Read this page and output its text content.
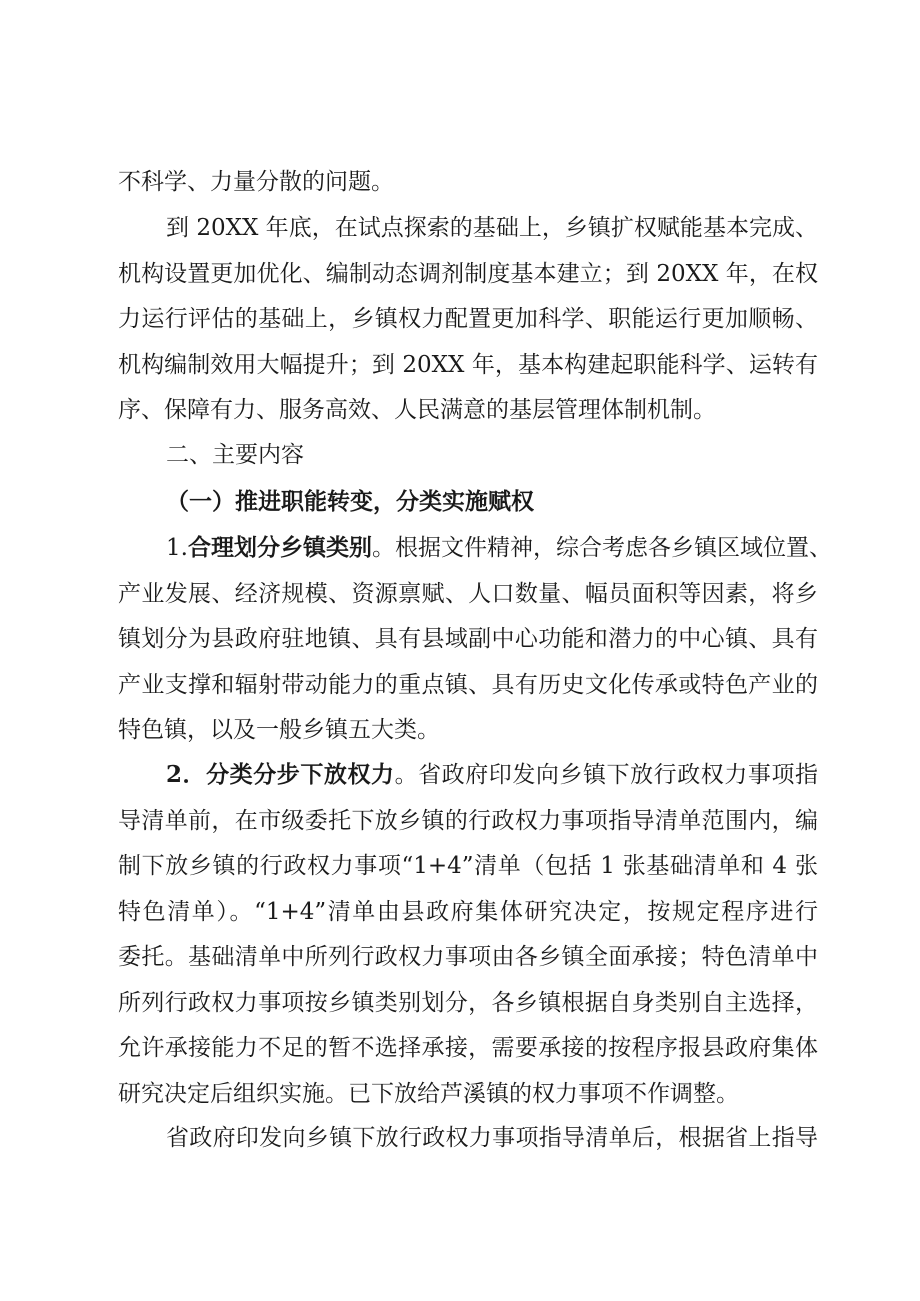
不科学、力量分散的问题。

到 20XX 年底，在试点探索的基础上，乡镇扩权赋能基本完成、
机构设置更加优化、编制动态调剂制度基本建立；到 20XX 年，在权
力运行评估的基础上，乡镇权力配置更加科学、职能运行更加顺畅、
机构编制效用大幅提升；到 20XX 年，基本构建起职能科学、运转有
序、保障有力、服务高效、人民满意的基层管理体制机制。

二、主要内容

（一）推进职能转变，分类实施赋权

1.合理划分乡镇类别。根据文件精神，综合考虑各乡镇区域位置、
产业发展、经济规模、资源禀赋、人口数量、幅员面积等因素，将乡
镇划分为县政府驻地镇、具有县域副中心功能和潜力的中心镇、具有
产业支撑和辐射带动能力的重点镇、具有历史文化传承或特色产业的
特色镇，以及一般乡镇五大类。

2．分类分步下放权力。省政府印发向乡镇下放行政权力事项指
导清单前，在市级委托下放乡镇的行政权力事项指导清单范围内，编
制下放乡镇的行政权力事项“1+4”清单（包括 1 张基础清单和 4 张
特色清单）。“1+4”清单由县政府集体研究决定，按规定程序进行
委托。基础清单中所列行政权力事项由各乡镇全面承接；特色清单中
所列行政权力事项按乡镇类别划分，各乡镇根据自身类别自主选择，
允许承接能力不足的暂不选择承接，需要承接的按程序报县政府集体
研究决定后组织实施。已下放给芦溪镇的权力事项不作调整。

省政府印发向乡镇下放行政权力事项指导清单后，根据省上指导
